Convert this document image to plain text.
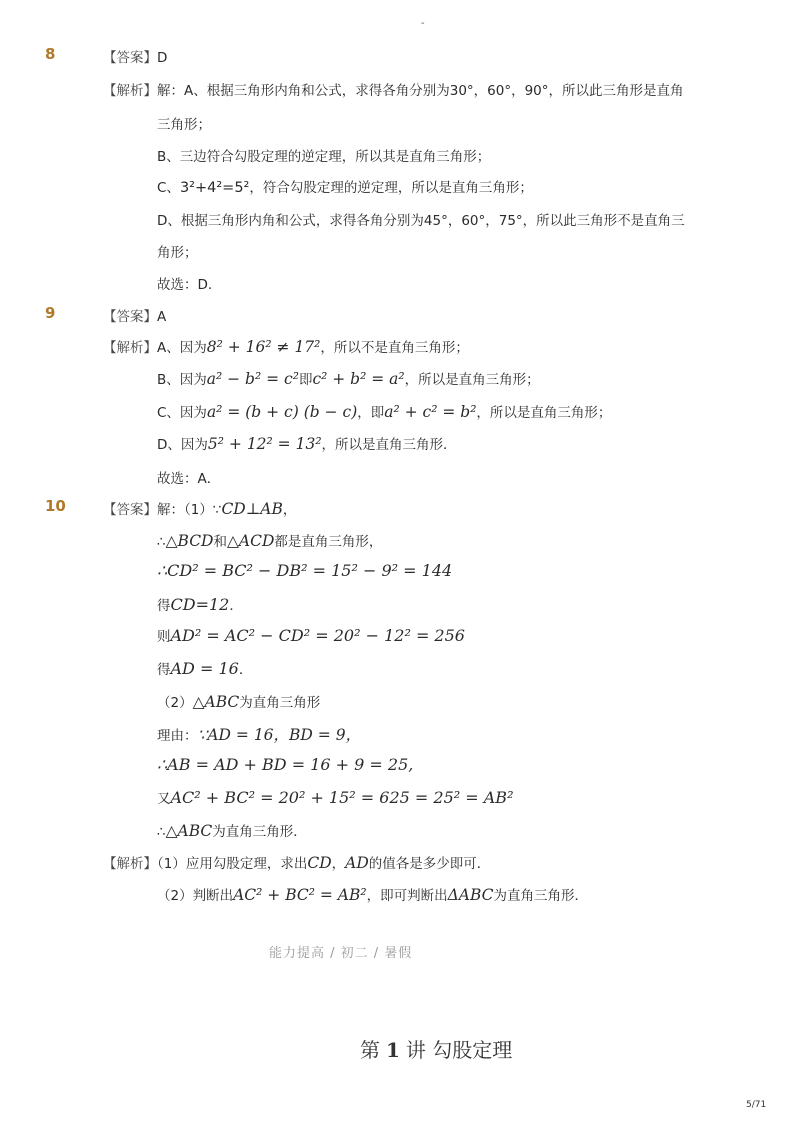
-
8	【答案】D
【解析】解：A、根据三角形内角和公式，求得各角分别为30°，60°，90°，所以此三角形是直角
三角形；
B、三边符合勾股定理的逆定理，所以其是直角三角形；
C、3²+4²=5²，符合勾股定理的逆定理，所以是直角三角形；
D、根据三角形内角和公式，求得各角分别为45°，60°，75°，所以此三角形不是直角三
角形；
故选：D.
9	【答案】A
【解析】A、因为8² + 16² ≠ 17²，所以不是直角三角形；
B、因为a² − b² = c²即c² + b² = a²，所以是直角三角形；
C、因为a² = (b + c) (b − c)，即a² + c² = b²，所以是直角三角形；
D、因为5² + 12² = 13²，所以是直角三角形．
故选：A．
10	【答案】解：（1）∵CD⊥AB，
∴△BCD和△ACD都是直角三角形，
∴CD² = BC² − DB² = 15² − 9² = 144
得CD=12．
则AD² = AC² − CD² = 20² − 12² = 256
得AD = 16．
（2）△ABC为直角三角形
理由：∵AD = 16，BD = 9，
∴AB = AD + BD = 16 + 9 = 25,
又AC² + BC² = 20² + 15² = 625 = 25² = AB²
∴△ABC为直角三角形．
【解析】（1）应用勾股定理，求出CD，AD的值各是多少即可．
（2）判断出AC² + BC² = AB²，即可判断出ΔABC为直角三角形．
能力提高 / 初二 / 暑假
第 1 讲 勾股定理
5/71
